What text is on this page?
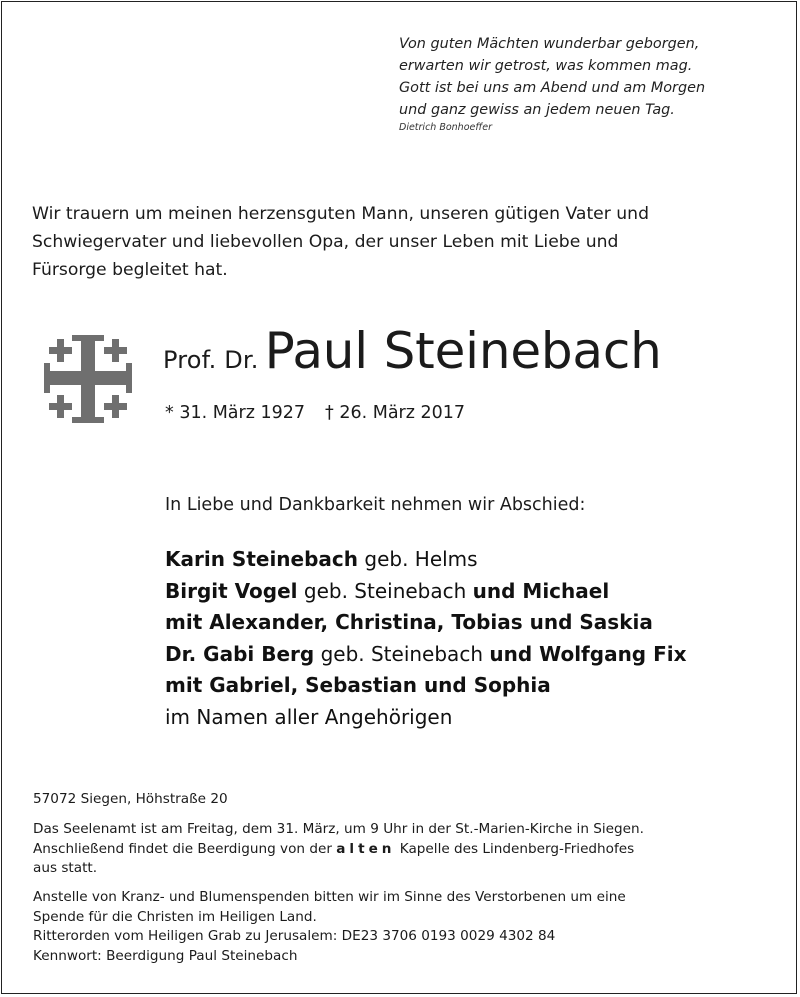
Von guten Mächten wunderbar geborgen,
erwarten wir getrost, was kommen mag.
Gott ist bei uns am Abend und am Morgen
und ganz gewiss an jedem neuen Tag.
Dietrich Bonhoeffer
Wir trauern um meinen herzensguten Mann, unseren gütigen Vater und
Schwiegervater und liebevollen Opa, der unser Leben mit Liebe und
Fürsorge begleitet hat.
Prof. Dr. Paul Steinebach
* 31. März 1927 † 26. März 2017
In Liebe und Dankbarkeit nehmen wir Abschied:
Karin Steinebach geb. Helms
Birgit Vogel geb. Steinebach und Michael
mit Alexander, Christina, Tobias und Saskia
Dr. Gabi Berg geb. Steinebach und Wolfgang Fix
mit Gabriel, Sebastian und Sophia
im Namen aller Angehörigen
57072 Siegen, Höhstraße 20
Das Seelenamt ist am Freitag, dem 31. März, um 9 Uhr in der St.-Marien-Kirche in Siegen.
Anschließend findet die Beerdigung von der alten Kapelle des Lindenberg-Friedhofes
aus statt.
Anstelle von Kranz- und Blumenspenden bitten wir im Sinne des Verstorbenen um eine
Spende für die Christen im Heiligen Land.
Ritterorden vom Heiligen Grab zu Jerusalem: DE23 3706 0193 0029 4302 84
Kennwort: Beerdigung Paul Steinebach
